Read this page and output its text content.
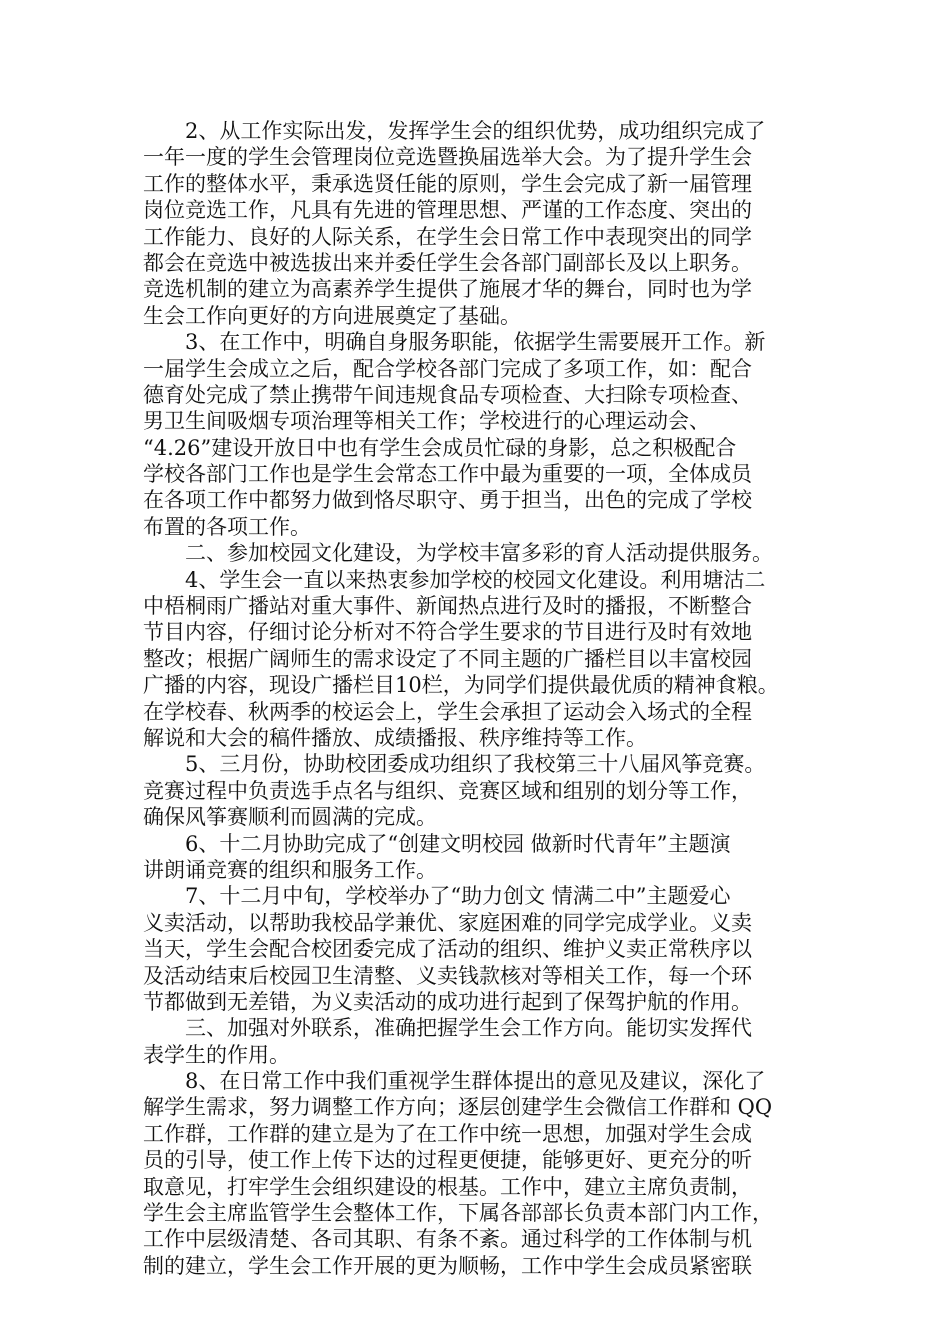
2、从工作实际出发，发挥学生会的组织优势，成功组织完成了
一年一度的学生会管理岗位竞选暨换届选举大会。为了提升学生会
工作的整体水平，秉承选贤任能的原则，学生会完成了新一届管理
岗位竞选工作，凡具有先进的管理思想、严谨的工作态度、突出的
工作能力、良好的人际关系，在学生会日常工作中表现突出的同学
都会在竞选中被选拔出来并委任学生会各部门副部长及以上职务。
竞选机制的建立为高素养学生提供了施展才华的舞台，同时也为学
生会工作向更好的方向进展奠定了基础。
3、在工作中，明确自身服务职能，依据学生需要展开工作。新
一届学生会成立之后，配合学校各部门完成了多项工作，如：配合
德育处完成了禁止携带午间违规食品专项检查、大扫除专项检查、
男卫生间吸烟专项治理等相关工作；学校进行的心理运动会、
“4.26”建设开放日中也有学生会成员忙碌的身影，总之积极配合
学校各部门工作也是学生会常态工作中最为重要的一项，全体成员
在各项工作中都努力做到恪尽职守、勇于担当，出色的完成了学校
布置的各项工作。
二、参加校园文化建设，为学校丰富多彩的育人活动提供服务。
4、学生会一直以来热衷参加学校的校园文化建设。利用塘沽二
中梧桐雨广播站对重大事件、新闻热点进行及时的播报，不断整合
节目内容，仔细讨论分析对不符合学生要求的节目进行及时有效地
整改；根据广阔师生的需求设定了不同主题的广播栏目以丰富校园
广播的内容，现设广播栏目10栏，为同学们提供最优质的精神食粮。
在学校春、秋两季的校运会上，学生会承担了运动会入场式的全程
解说和大会的稿件播放、成绩播报、秩序维持等工作。
5、三月份，协助校团委成功组织了我校第三十八届风筝竞赛。
竞赛过程中负责选手点名与组织、竞赛区域和组别的划分等工作，
确保风筝赛顺利而圆满的完成。
6、十二月协助完成了“创建文明校园 做新时代青年”主题演
讲朗诵竞赛的组织和服务工作。
7、十二月中旬，学校举办了“助力创文 情满二中”主题爱心
义卖活动，以帮助我校品学兼优、家庭困难的同学完成学业。义卖
当天，学生会配合校团委完成了活动的组织、维护义卖正常秩序以
及活动结束后校园卫生清整、义卖钱款核对等相关工作，每一个环
节都做到无差错，为义卖活动的成功进行起到了保驾护航的作用。
三、加强对外联系，准确把握学生会工作方向。能切实发挥代
表学生的作用。
8、在日常工作中我们重视学生群体提出的意见及建议，深化了
解学生需求，努力调整工作方向；逐层创建学生会微信工作群和 QQ
工作群，工作群的建立是为了在工作中统一思想，加强对学生会成
员的引导，使工作上传下达的过程更便捷，能够更好、更充分的听
取意见，打牢学生会组织建设的根基。工作中，建立主席负责制，
学生会主席监管学生会整体工作，下属各部部长负责本部门内工作，
工作中层级清楚、各司其职、有条不紊。通过科学的工作体制与机
制的建立，学生会工作开展的更为顺畅，工作中学生会成员紧密联
